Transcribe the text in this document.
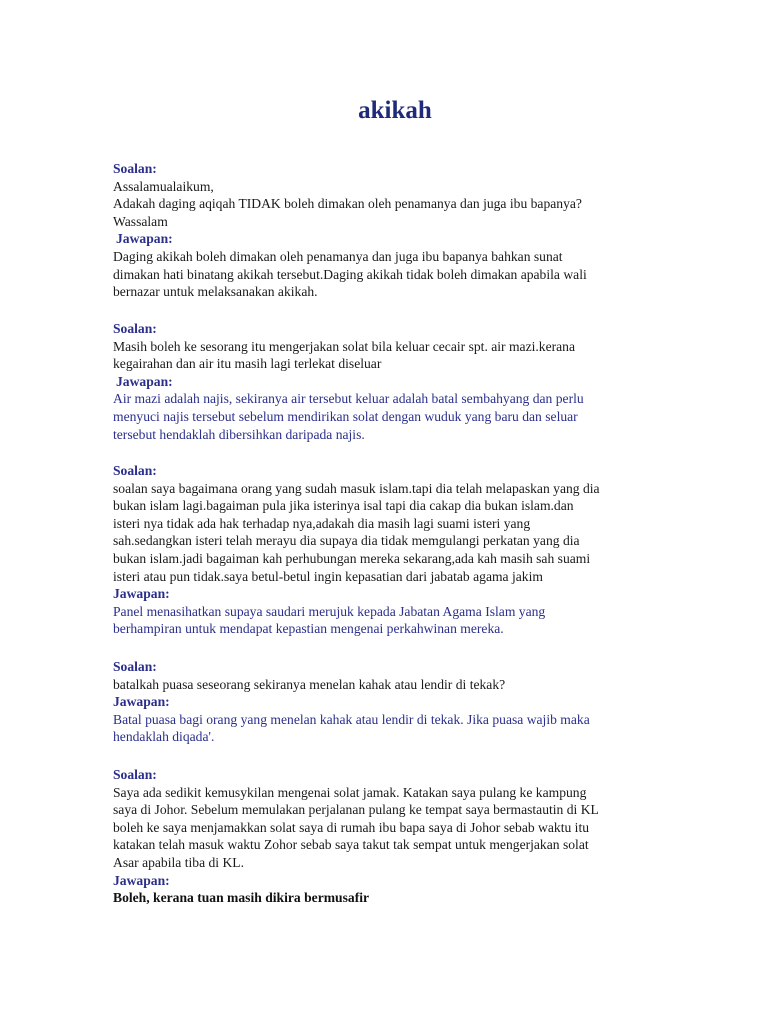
akikah
Soalan:
Assalamualaikum,
Adakah daging aqiqah TIDAK boleh dimakan oleh penamanya dan juga ibu bapanya?
Wassalam
Jawapan:
Daging akikah boleh dimakan oleh penamanya dan juga ibu bapanya bahkan sunat
dimakan hati binatang akikah tersebut.Daging akikah tidak boleh dimakan apabila wali
bernazar untuk melaksanakan akikah.
Soalan:
Masih boleh ke sesorang itu mengerjakan solat bila keluar cecair spt. air mazi.kerana
kegairahan dan air itu masih lagi terlekat diseluar
Jawapan:
Air mazi adalah najis, sekiranya air tersebut keluar adalah batal sembahyang dan perlu
menyuci najis tersebut sebelum mendirikan solat dengan wuduk yang baru dan seluar
tersebut hendaklah dibersihkan daripada najis.
Soalan:
soalan saya bagaimana orang yang sudah masuk islam.tapi dia telah melapaskan yang dia
bukan islam lagi.bagaiman pula jika isterinya isal tapi dia cakap dia bukan islam.dan
isteri nya tidak ada hak terhadap nya,adakah dia masih lagi suami isteri yang
sah.sedangkan isteri telah merayu dia supaya dia tidak memgulangi perkatan yang dia
bukan islam.jadi bagaiman kah perhubungan mereka sekarang,ada kah masih sah suami
isteri atau pun tidak.saya betul-betul ingin kepasatian dari jabatab agama jakim
Jawapan:
Panel menasihatkan supaya saudari merujuk kepada Jabatan Agama Islam yang
berhampiran untuk mendapat kepastian mengenai perkahwinan mereka.
Soalan:
batalkah puasa seseorang sekiranya menelan kahak atau lendir di tekak?
Jawapan:
Batal puasa bagi orang yang menelan kahak atau lendir di tekak. Jika puasa wajib maka
hendaklah diqada'.
Soalan:
Saya ada sedikit kemusykilan mengenai solat jamak. Katakan saya pulang ke kampung
saya di Johor. Sebelum memulakan perjalanan pulang ke tempat saya bermastautin di KL
boleh ke saya menjamakkan solat saya di rumah ibu bapa saya di Johor sebab waktu itu
katakan telah masuk waktu Zohor sebab saya takut tak sempat untuk mengerjakan solat
Asar apabila tiba di KL.
Jawapan:
Boleh, kerana tuan masih dikira bermusafir
